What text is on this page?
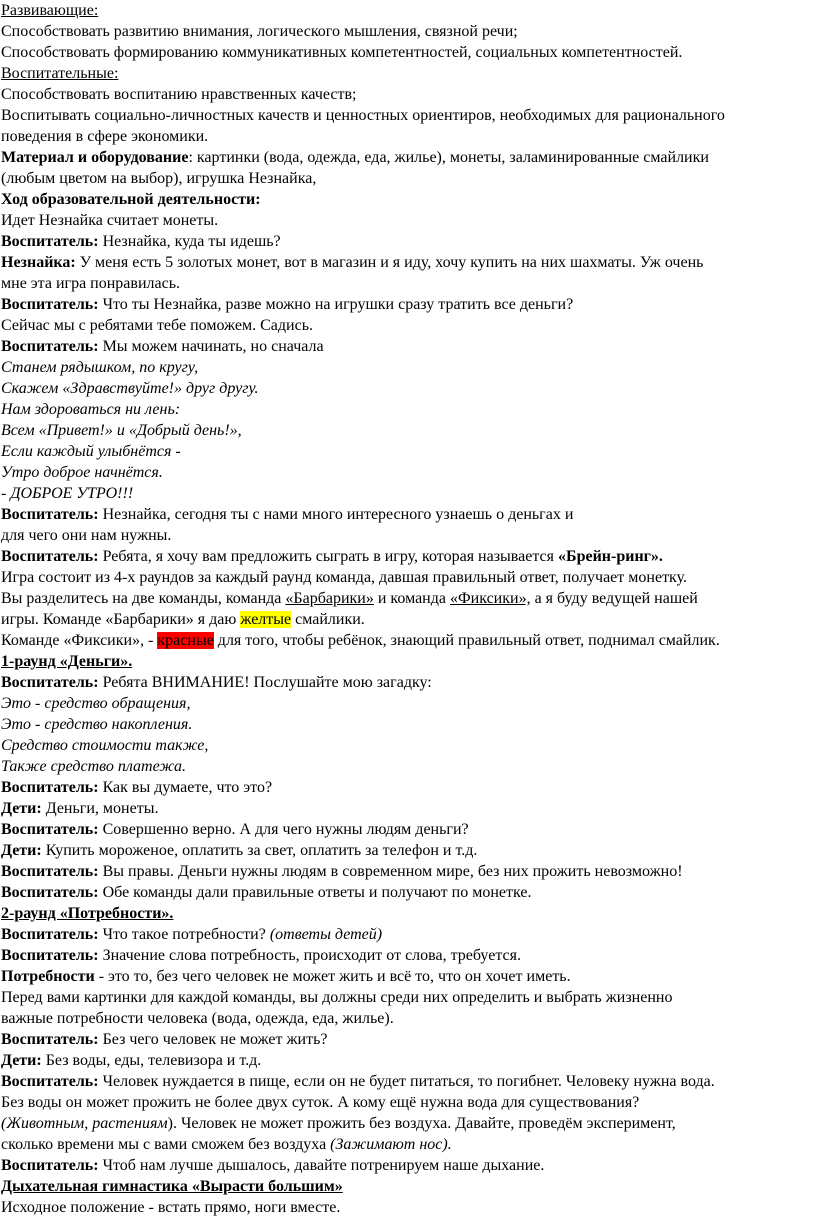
Развивающие:
Способствовать развитию внимания, логического мышления, связной речи;
Способствовать формированию коммуникативных компетентностей, социальных компетентностей.
Воспитательные:
Способствовать воспитанию нравственных качеств;
Воспитывать социально-личностных качеств и ценностных ориентиров, необходимых для рационального
поведения в сфере экономики.
Материал и оборудование: картинки (вода, одежда, еда, жилье), монеты, заламинированные смайлики
(любым цветом на выбор), игрушка Незнайка,
Ход образовательной деятельности:
Идет Незнайка считает монеты.
Воспитатель: Незнайка, куда ты идешь?
Незнайка: У меня есть 5 золотых монет, вот в магазин и я иду, хочу купить на них шахматы. Уж очень
мне эта игра понравилась.
Воспитатель: Что ты Незнайка, разве можно на игрушки сразу тратить все деньги?
Сейчас мы с ребятами тебе поможем. Садись.
Воспитатель: Мы можем начинать, но сначала
Станем рядышком, по кругу,
Скажем «Здравствуйте!» друг другу.
Нам здороваться ни лень:
Всем «Привет!» и «Добрый день!»,
Если каждый улыбнётся -
Утро доброе начнётся.
- ДОБРОЕ УТРО!!!
Воспитатель: Незнайка, сегодня ты с нами много интересного узнаешь о деньгах и
для чего они нам нужны.
Воспитатель: Ребята, я хочу вам предложить сыграть в игру, которая называется «Брейн-ринг».
Игра состоит из 4-х раундов за каждый раунд команда, давшая правильный ответ, получает монетку.
Вы разделитесь на две команды, команда «Барбарики» и команда «Фиксики», а я буду ведущей нашей
игры. Команде «Барбарики» я даю желтые смайлики.
Команде «Фиксики», - красные для того, чтобы ребёнок, знающий правильный ответ, поднимал смайлик.
1-раунд «Деньги».
Воспитатель: Ребята ВНИМАНИЕ! Послушайте мою загадку:
Это - средство обращения,
Это - средство накопления.
Средство стоимости также,
Также средство платежа.
Воспитатель: Как вы думаете, что это?
Дети: Деньги, монеты.
Воспитатель: Совершенно верно. А для чего нужны людям деньги?
Дети: Купить мороженое, оплатить за свет, оплатить за телефон и т.д.
Воспитатель: Вы правы. Деньги нужны людям в современном мире, без них прожить невозможно!
Воспитатель: Обе команды дали правильные ответы и получают по монетке.
2-раунд «Потребности».
Воспитатель: Что такое потребности? (ответы детей)
Воспитатель: Значение слова потребность, происходит от слова, требуется.
Потребности - это то, без чего человек не может жить и всё то, что он хочет иметь.
Перед вами картинки для каждой команды, вы должны среди них определить и выбрать жизненно
важные потребности человека (вода, одежда, еда, жилье).
Воспитатель: Без чего человек не может жить?
Дети: Без воды, еды, телевизора и т.д.
Воспитатель: Человек нуждается в пище, если он не будет питаться, то погибнет. Человеку нужна вода.
Без воды он может прожить не более двух суток. А кому ещё нужна вода для существования?
(Животным, растениям). Человек не может прожить без воздуха. Давайте, проведём эксперимент,
сколько времени мы с вами сможем без воздуха (Зажимают нос).
Воспитатель: Чтоб нам лучше дышалось, давайте потренируем наше дыхание.
Дыхательная гимнастика «Вырасти большим»
Исходное положение - встать прямо, ноги вместе.
